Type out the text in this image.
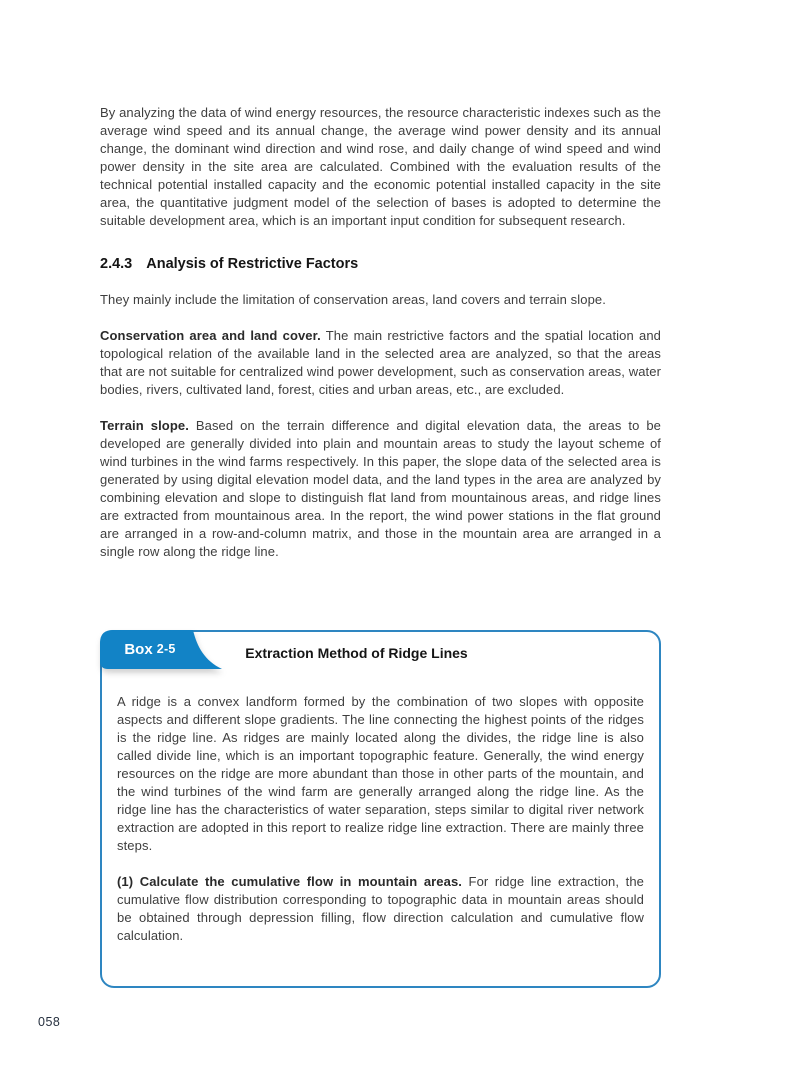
By analyzing the data of wind energy resources, the resource characteristic indexes such as the average wind speed and its annual change, the average wind power density and its annual change, the dominant wind direction and wind rose, and daily change of wind speed and wind power density in the site area are calculated. Combined with the evaluation results of the technical potential installed capacity and the economic potential installed capacity in the site area, the quantitative judgment model of the selection of bases is adopted to determine the suitable development area, which is an important input condition for subsequent research.

2.4.3 Analysis of Restrictive Factors

They mainly include the limitation of conservation areas, land covers and terrain slope.

Conservation area and land cover. The main restrictive factors and the spatial location and topological relation of the available land in the selected area are analyzed, so that the areas that are not suitable for centralized wind power development, such as conservation areas, water bodies, rivers, cultivated land, forest, cities and urban areas, etc., are excluded.

Terrain slope. Based on the terrain difference and digital elevation data, the areas to be developed are generally divided into plain and mountain areas to study the layout scheme of wind turbines in the wind farms respectively. In this paper, the slope data of the selected area is generated by using digital elevation model data, and the land types in the area are analyzed by combining elevation and slope to distinguish flat land from mountainous areas, and ridge lines are extracted from mountainous area. In the report, the wind power stations in the flat ground are arranged in a row-and-column matrix, and those in the mountain area are arranged in a single row along the ridge line.

Box 2-5	Extraction Method of Ridge Lines

A ridge is a convex landform formed by the combination of two slopes with opposite aspects and different slope gradients. The line connecting the highest points of the ridges is the ridge line. As ridges are mainly located along the divides, the ridge line is also called divide line, which is an important topographic feature. Generally, the wind energy resources on the ridge are more abundant than those in other parts of the mountain, and the wind turbines of the wind farm are generally arranged along the ridge line. As the ridge line has the characteristics of water separation, steps similar to digital river network extraction are adopted in this report to realize ridge line extraction. There are mainly three steps.

(1) Calculate the cumulative flow in mountain areas. For ridge line extraction, the cumulative flow distribution corresponding to topographic data in mountain areas should be obtained through depression filling, flow direction calculation and cumulative flow calculation.

058
